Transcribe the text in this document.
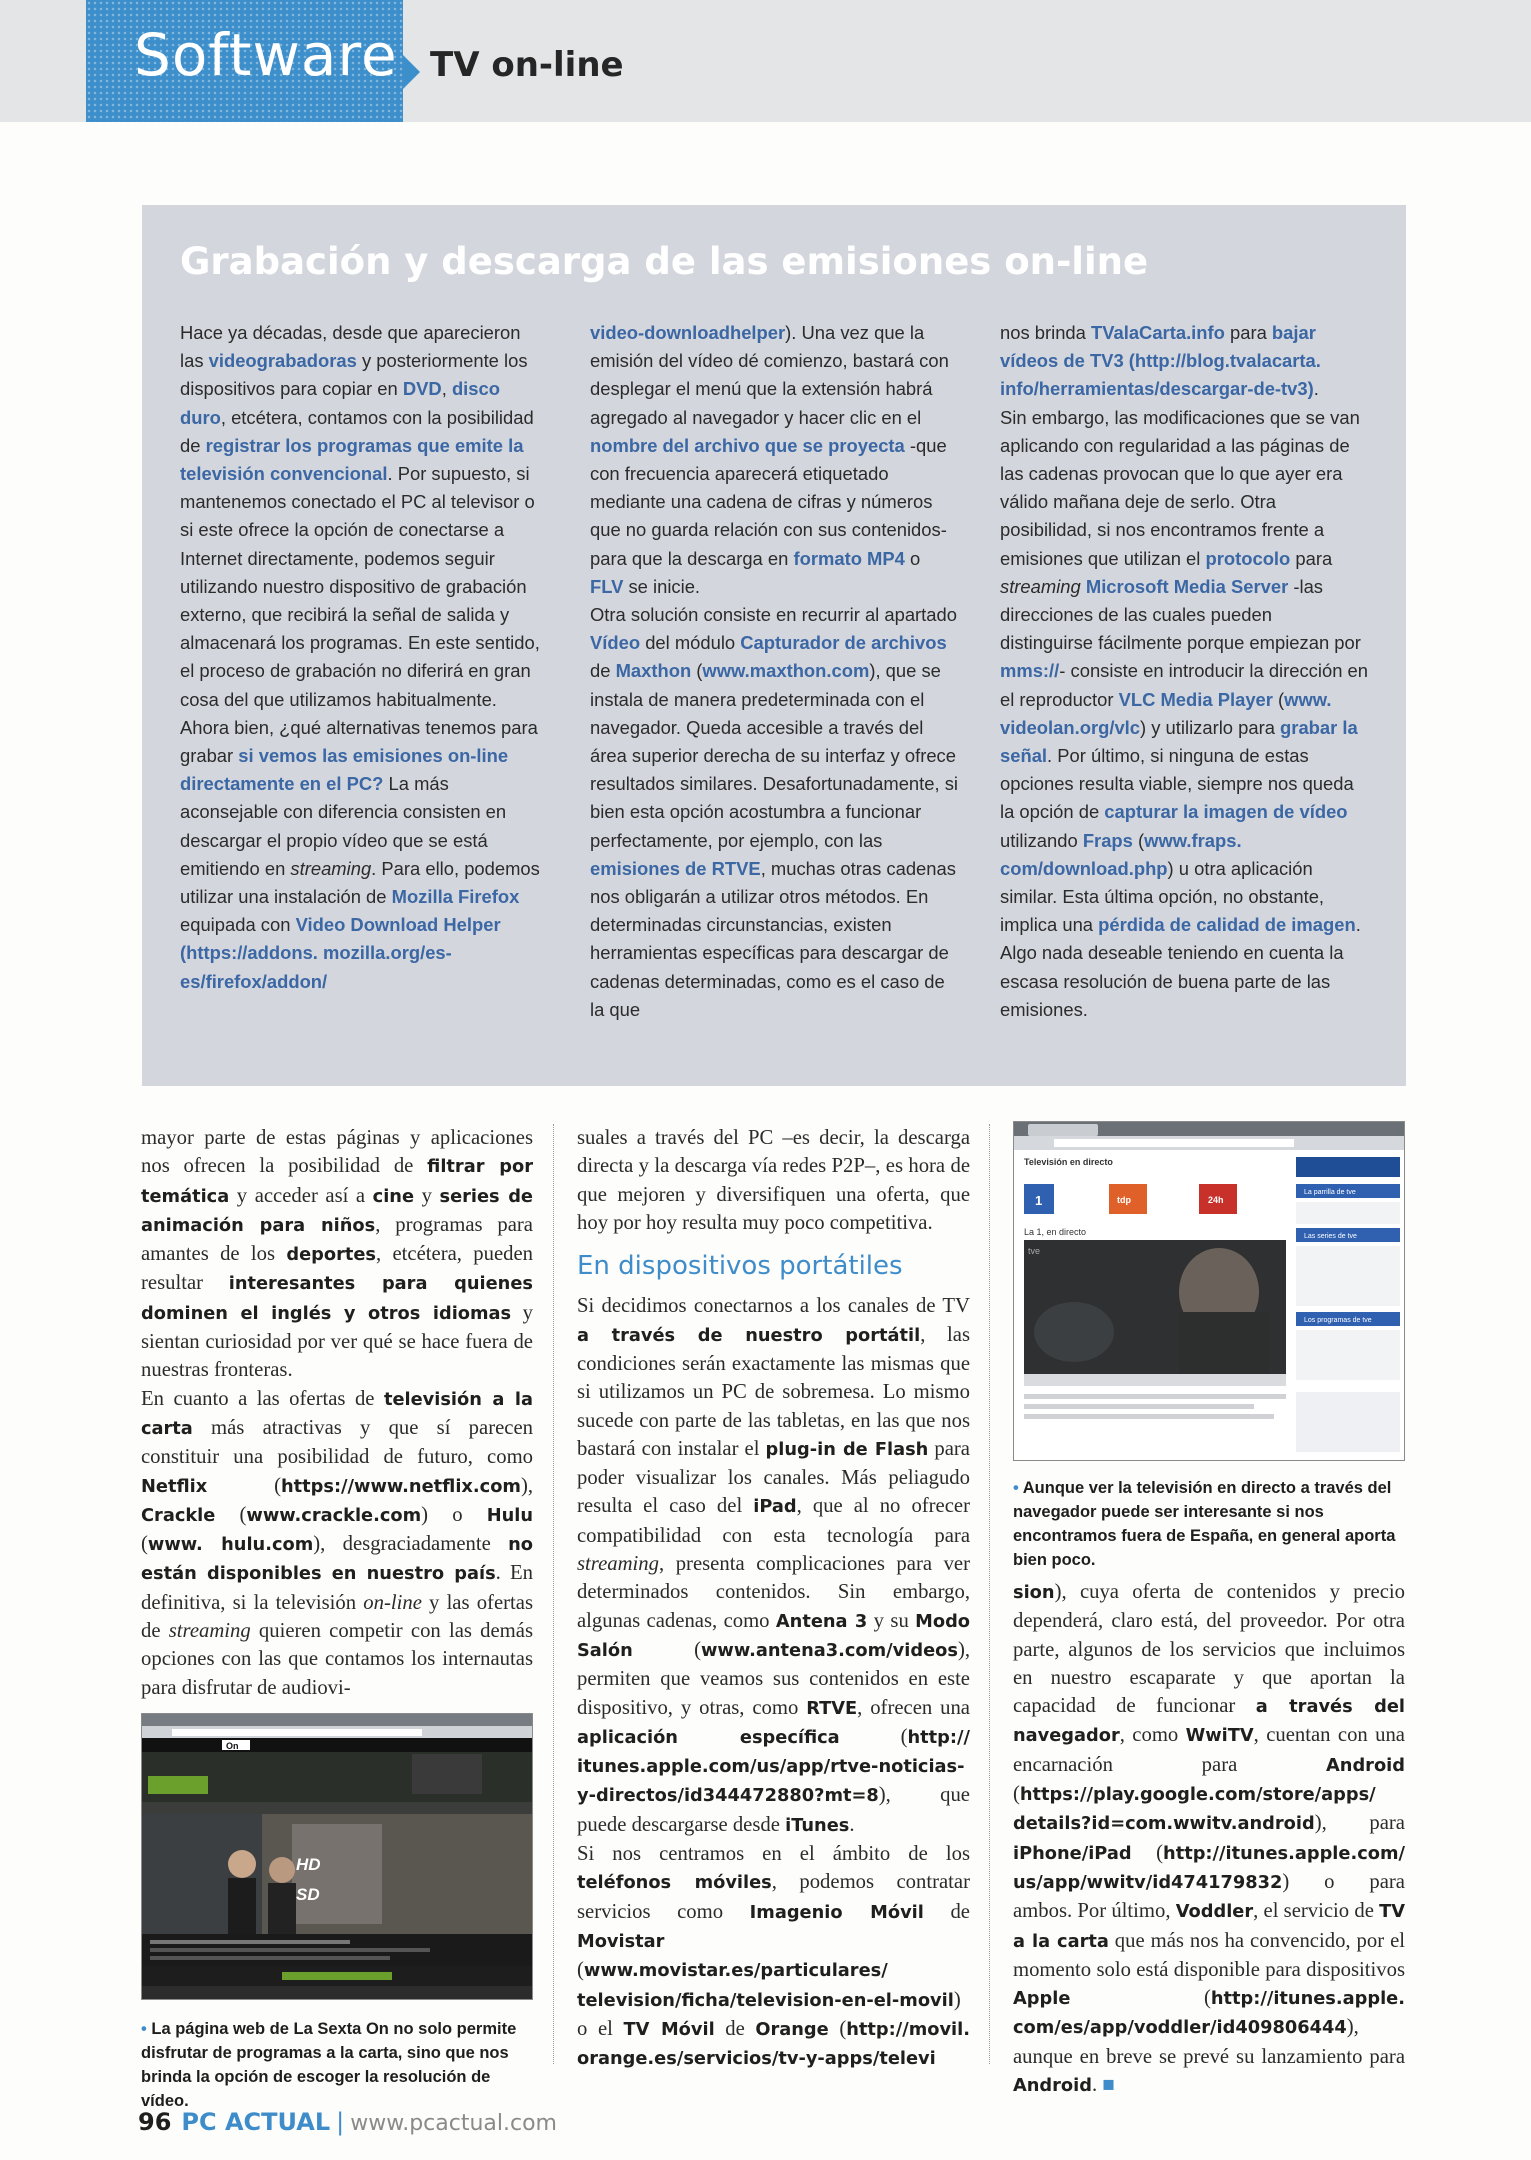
Software TV on-line
Grabación y descarga de las emisiones on-line

Hace ya décadas, desde que aparecieron las videograbadoras y posteriormente los dispositivos para copiar en DVD, disco duro, etcétera, contamos con la posibilidad de registrar los programas que emite la televisión convencional. Por supuesto, si mantenemos conectado el PC al televisor o si este ofrece la opción de conectarse a Internet directamente, podemos seguir utilizando nuestro dispositivo de grabación externo, que recibirá la señal de salida y almacenará los programas. En este sentido, el proceso de grabación no diferirá en gran cosa del que utilizamos habitualmente.

Ahora bien, ¿qué alternativas tenemos para grabar si vemos las emisiones on-line directamente en el PC? La más aconsejable con diferencia consisten en descargar el propio vídeo que se está emitiendo en streaming. Para ello, podemos utilizar una instalación de Mozilla Firefox equipada con Video Download Helper (https://addons. mozilla.org/es-es/firefox/addon/

video-downloadhelper). Una vez que la emisión del vídeo dé comienzo, bastará con desplegar el menú que la extensión habrá agregado al navegador y hacer clic en el nombre del archivo que se proyecta -que con frecuencia aparecerá etiquetado mediante una cadena de cifras y números que no guarda relación con sus contenidos- para que la descarga en formato MP4 o FLV se inicie.

Otra solución consiste en recurrir al apartado Vídeo del módulo Capturador de archivos de Maxthon (www.maxthon.com), que se instala de manera predeterminada con el navegador. Queda accesible a través del área superior derecha de su interfaz y ofrece resultados similares. Desafortunadamente, si bien esta opción acostumbra a funcionar perfectamente, por ejemplo, con las emisiones de RTVE, muchas otras cadenas nos obligarán a utilizar otros métodos. En determinadas circunstancias, existen herramientas específicas para descargar de cadenas determinadas, como es el caso de la que

nos brinda TValaCarta.info para bajar vídeos de TV3 (http://blog.tvalacarta. info/herramientas/descargar-de-tv3).

Sin embargo, las modificaciones que se van aplicando con regularidad a las páginas de las cadenas provocan que lo que ayer era válido mañana deje de serlo. Otra posibilidad, si nos encontramos frente a emisiones que utilizan el protocolo para streaming Microsoft Media Server -las direcciones de las cuales pueden distinguirse fácilmente porque empiezan por mms://- consiste en introducir la dirección en el reproductor VLC Media Player (www. videolan.org/vlc) y utilizarlo para grabar la señal. Por último, si ninguna de estas opciones resulta viable, siempre nos queda la opción de capturar la imagen de vídeo utilizando Fraps (www.fraps. com/download.php) u otra aplicación similar. Esta última opción, no obstante, implica una pérdida de calidad de imagen. Algo nada deseable teniendo en cuenta la escasa resolución de buena parte de las emisiones.

mayor parte de estas páginas y aplicaciones nos ofrecen la posibilidad de filtrar por temática y acceder así a cine y series de animación para niños, programas para amantes de los deportes, etcétera, pueden resultar interesantes para quienes dominen el inglés y otros idiomas y sientan curiosidad por ver qué se hace fuera de nuestras fronteras.

En cuanto a las ofertas de televisión a la carta más atractivas y que sí parecen constituir una posibilidad de futuro, como Netflix (https://www.netflix.com), Crackle (www.crackle.com) o Hulu (www. hulu.com), desgraciadamente no están disponibles en nuestro país. En definitiva, si la televisión on-line y las ofertas de streaming quieren competir con las demás opciones con las que contamos los internautas para disfrutar de audiovi-

suales a través del PC –es decir, la descarga directa y la descarga vía redes P2P–, es hora de que mejoren y diversifiquen una oferta, que hoy por hoy resulta muy poco competitiva.

En dispositivos portátiles

Si decidimos conectarnos a los canales de TV a través de nuestro portátil, las condiciones serán exactamente las mismas que si utilizamos un PC de sobremesa. Lo mismo sucede con parte de las tabletas, en las que nos bastará con instalar el plug-in de Flash para poder visualizar los canales. Más peliagudo resulta el caso del iPad, que al no ofrecer compatibilidad con esta tecnología para streaming, presenta complicaciones para ver determinados contenidos. Sin embargo, algunas cadenas, como Antena 3 y su Modo Salón (www.antena3.com/videos), permiten que veamos sus contenidos en este dispositivo, y otras, como RTVE, ofrecen una aplicación específica (http:// itunes.apple.com/us/app/rtve-noticias-y-directos/id344472880?mt=8), que puede descargarse desde iTunes.

Si nos centramos en el ámbito de los teléfonos móviles, podemos contratar servicios como Imagenio Móvil de Movistar (www.movistar.es/particulares/ television/ficha/television-en-el-movil) o el TV Móvil de Orange (http://movil. orange.es/servicios/tv-y-apps/televi

sion), cuya oferta de contenidos y precio dependerá, claro está, del proveedor. Por otra parte, algunos de los servicios que incluimos en nuestro escaparate y que aportan la capacidad de funcionar a través del navegador, como WwiTV, cuentan con una encarnación para Android (https://play.google.com/store/apps/ details?id=com.wwitv.android), para iPhone/iPad (http://itunes.apple.com/ us/app/wwitv/id474179832) o para ambos. Por último, Voddler, el servicio de TV a la carta que más nos ha convencido, por el momento solo está disponible para dispositivos Apple (http://itunes.apple. com/es/app/voddler/id409806444), aunque en breve se prevé su lanzamiento para Android. ■

Televisión en directo
1	tdp	24h
La 1, en directo
tve
La parrilla de tve
Las series de tve
Los programas de tve
• Aunque ver la televisión en directo a través del navegador puede ser interesante si nos encontramos fuera de España, en general aporta bien poco.
On
HD
SD
• La página web de La Sexta On no solo permite disfrutar de programas a la carta, sino que nos brinda la opción de escoger la resolución de vídeo.
96 PC ACTUAL | www.pcactual.com
